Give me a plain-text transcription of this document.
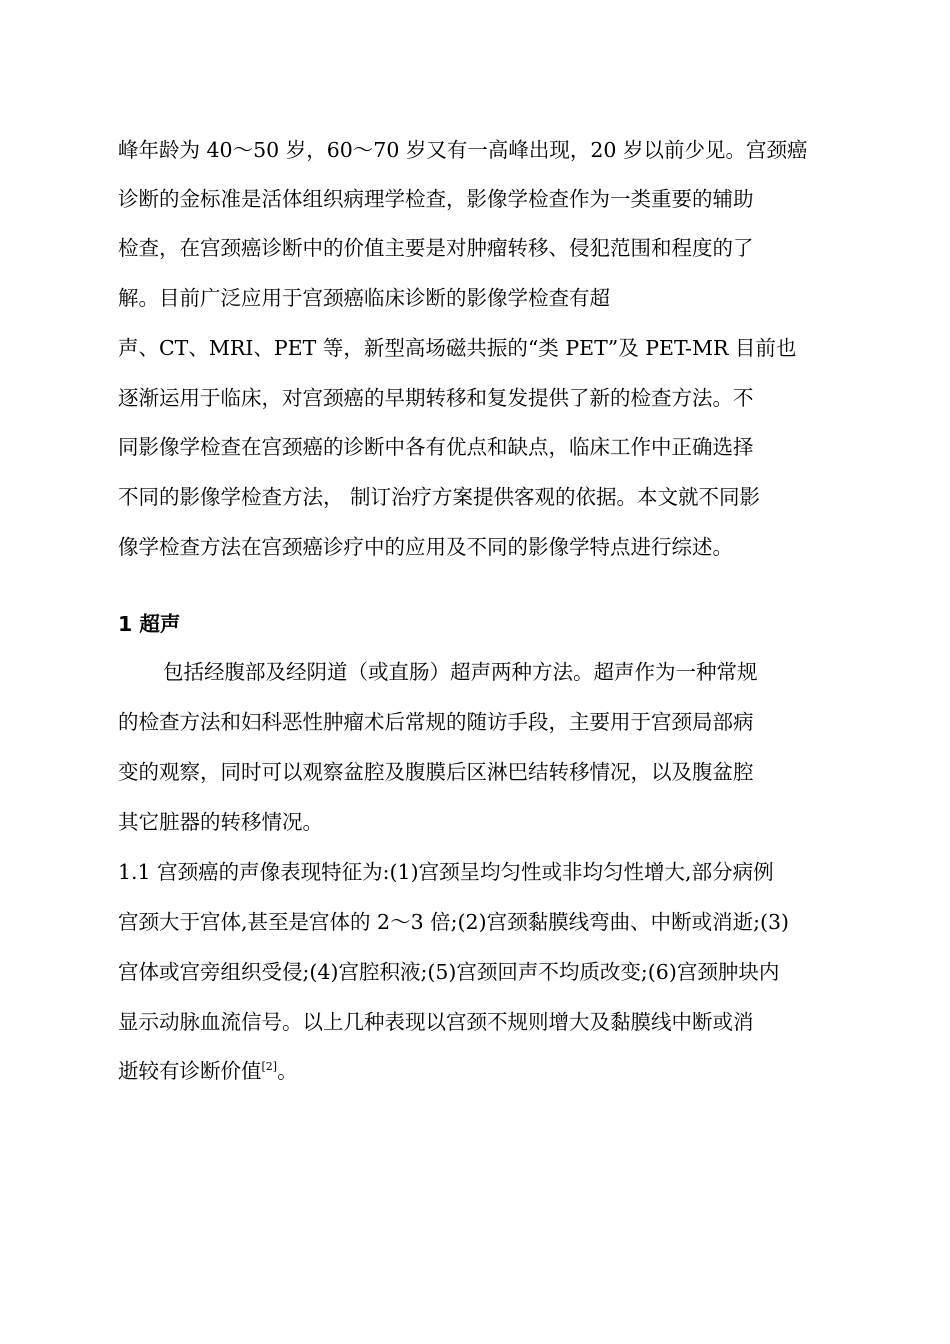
峰年龄为 40～50 岁，60～70 岁又有一高峰出现，20 岁以前少见。宫颈癌
诊断的金标准是活体组织病理学检查，影像学检查作为一类重要的辅助
检查，在宫颈癌诊断中的价值主要是对肿瘤转移、侵犯范围和程度的了
解。目前广泛应用于宫颈癌临床诊断的影像学检查有超
声、CT、MRI、PET 等，新型高场磁共振的“类 PET”及 PET-MR 目前也
逐渐运用于临床，对宫颈癌的早期转移和复发提供了新的检查方法。不
同影像学检查在宫颈癌的诊断中各有优点和缺点，临床工作中正确选择
不同的影像学检查方法， 制订治疗方案提供客观的依据。本文就不同影
像学检查方法在宫颈癌诊疗中的应用及不同的影像学特点进行综述。
1 超声
包括经腹部及经阴道（或直肠）超声两种方法。超声作为一种常规
的检查方法和妇科恶性肿瘤术后常规的随访手段，主要用于宫颈局部病
变的观察，同时可以观察盆腔及腹膜后区淋巴结转移情况，以及腹盆腔
其它脏器的转移情况。
1.1 宫颈癌的声像表现特征为:(1)宫颈呈均匀性或非均匀性增大,部分病例
宫颈大于宫体,甚至是宫体的 2～3 倍;(2)宫颈黏膜线弯曲、中断或消逝;(3)
宫体或宫旁组织受侵;(4)宫腔积液;(5)宫颈回声不均质改变;(6)宫颈肿块内
显示动脉血流信号。以上几种表现以宫颈不规则增大及黏膜线中断或消
逝较有诊断价值[2]。
